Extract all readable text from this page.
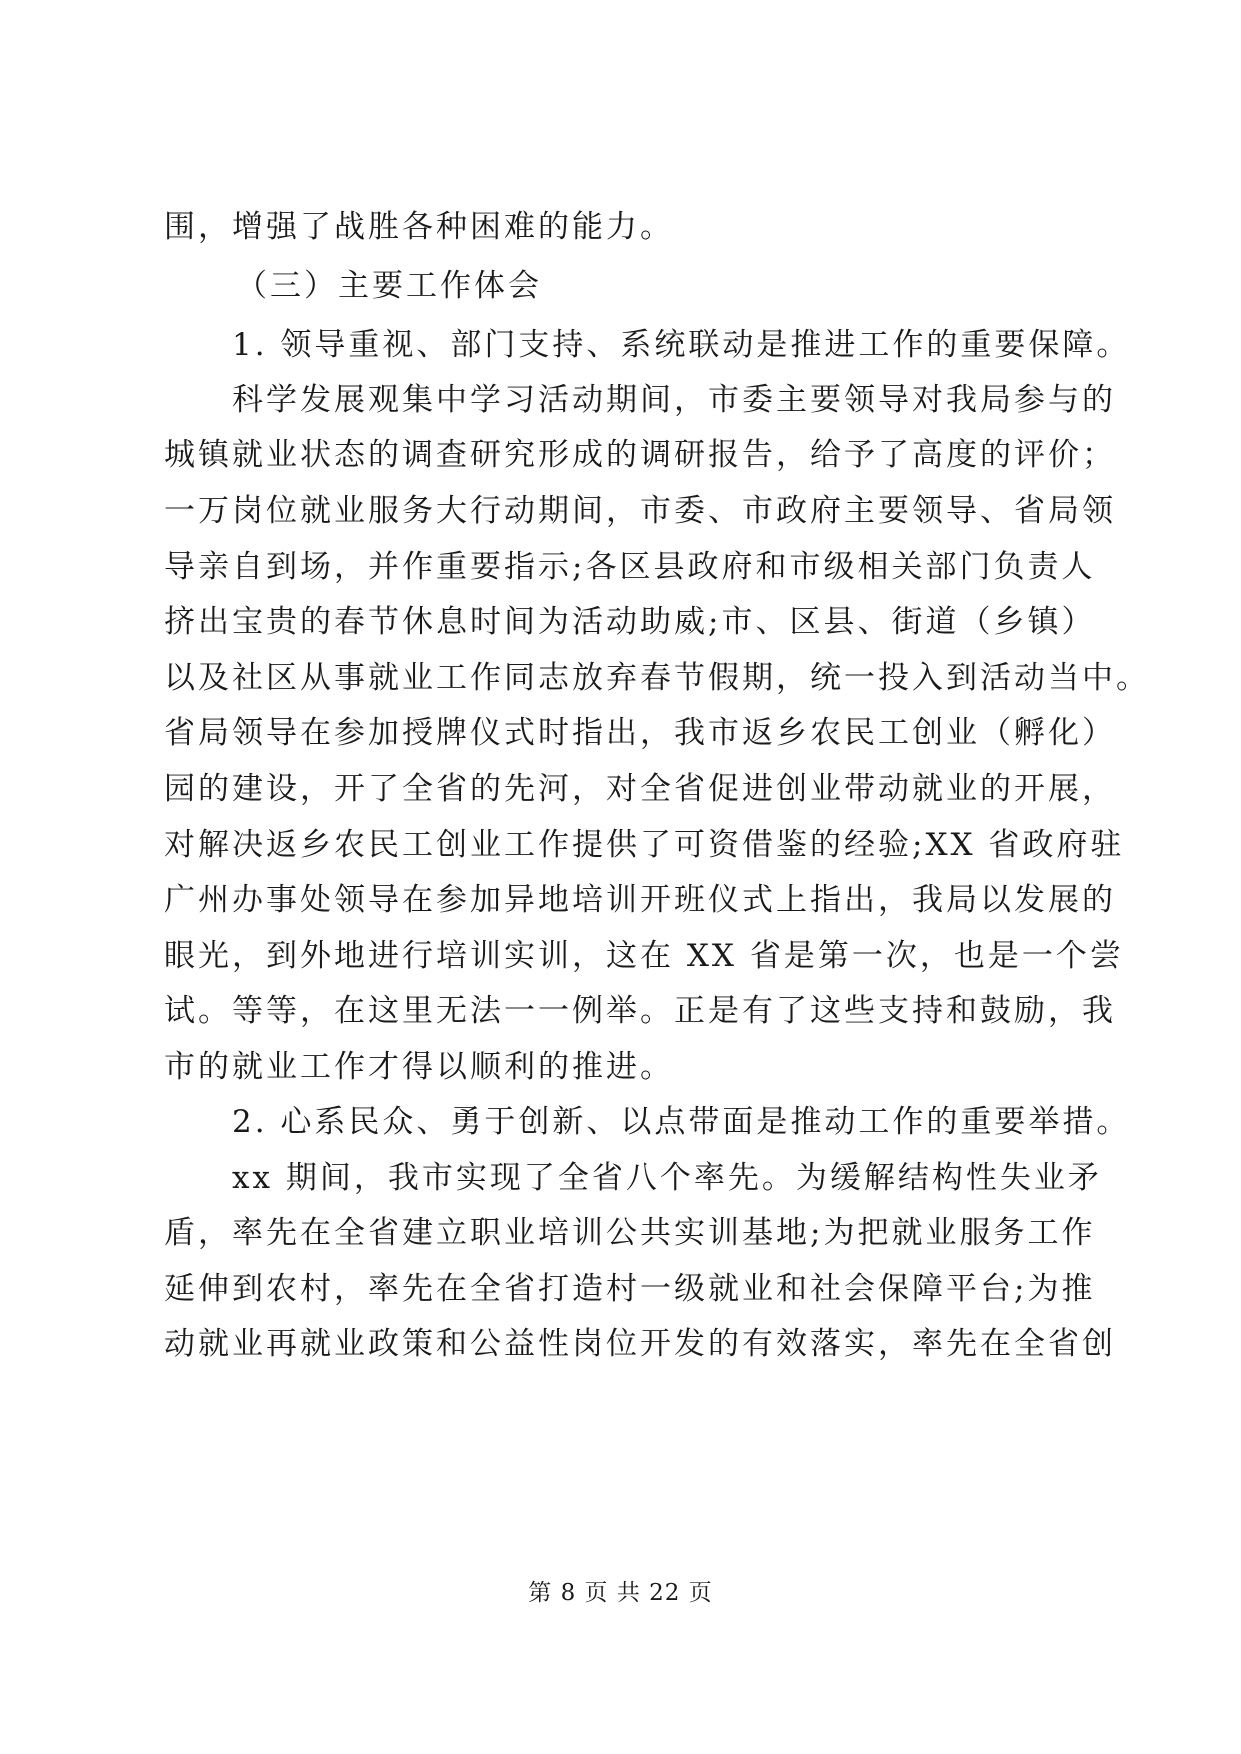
围，增强了战胜各种困难的能力。
（三）主要工作体会
1. 领导重视、部门支持、系统联动是推进工作的重要保障。
科学发展观集中学习活动期间，市委主要领导对我局参与的
城镇就业状态的调查研究形成的调研报告，给予了高度的评价；
一万岗位就业服务大行动期间，市委、市政府主要领导、省局领
导亲自到场，并作重要指示;各区县政府和市级相关部门负责人
挤出宝贵的春节休息时间为活动助威;市、区县、街道（乡镇）
以及社区从事就业工作同志放弃春节假期，统一投入到活动当中。
省局领导在参加授牌仪式时指出，我市返乡农民工创业（孵化）
园的建设，开了全省的先河，对全省促进创业带动就业的开展，
对解决返乡农民工创业工作提供了可资借鉴的经验;XX 省政府驻
广州办事处领导在参加异地培训开班仪式上指出，我局以发展的
眼光，到外地进行培训实训，这在 XX 省是第一次，也是一个尝
试。等等，在这里无法一一例举。正是有了这些支持和鼓励，我
市的就业工作才得以顺利的推进。
2. 心系民众、勇于创新、以点带面是推动工作的重要举措。
xx 期间，我市实现了全省八个率先。为缓解结构性失业矛
盾，率先在全省建立职业培训公共实训基地;为把就业服务工作
延伸到农村，率先在全省打造村一级就业和社会保障平台;为推
动就业再就业政策和公益性岗位开发的有效落实，率先在全省创
第 8 页 共 22 页
